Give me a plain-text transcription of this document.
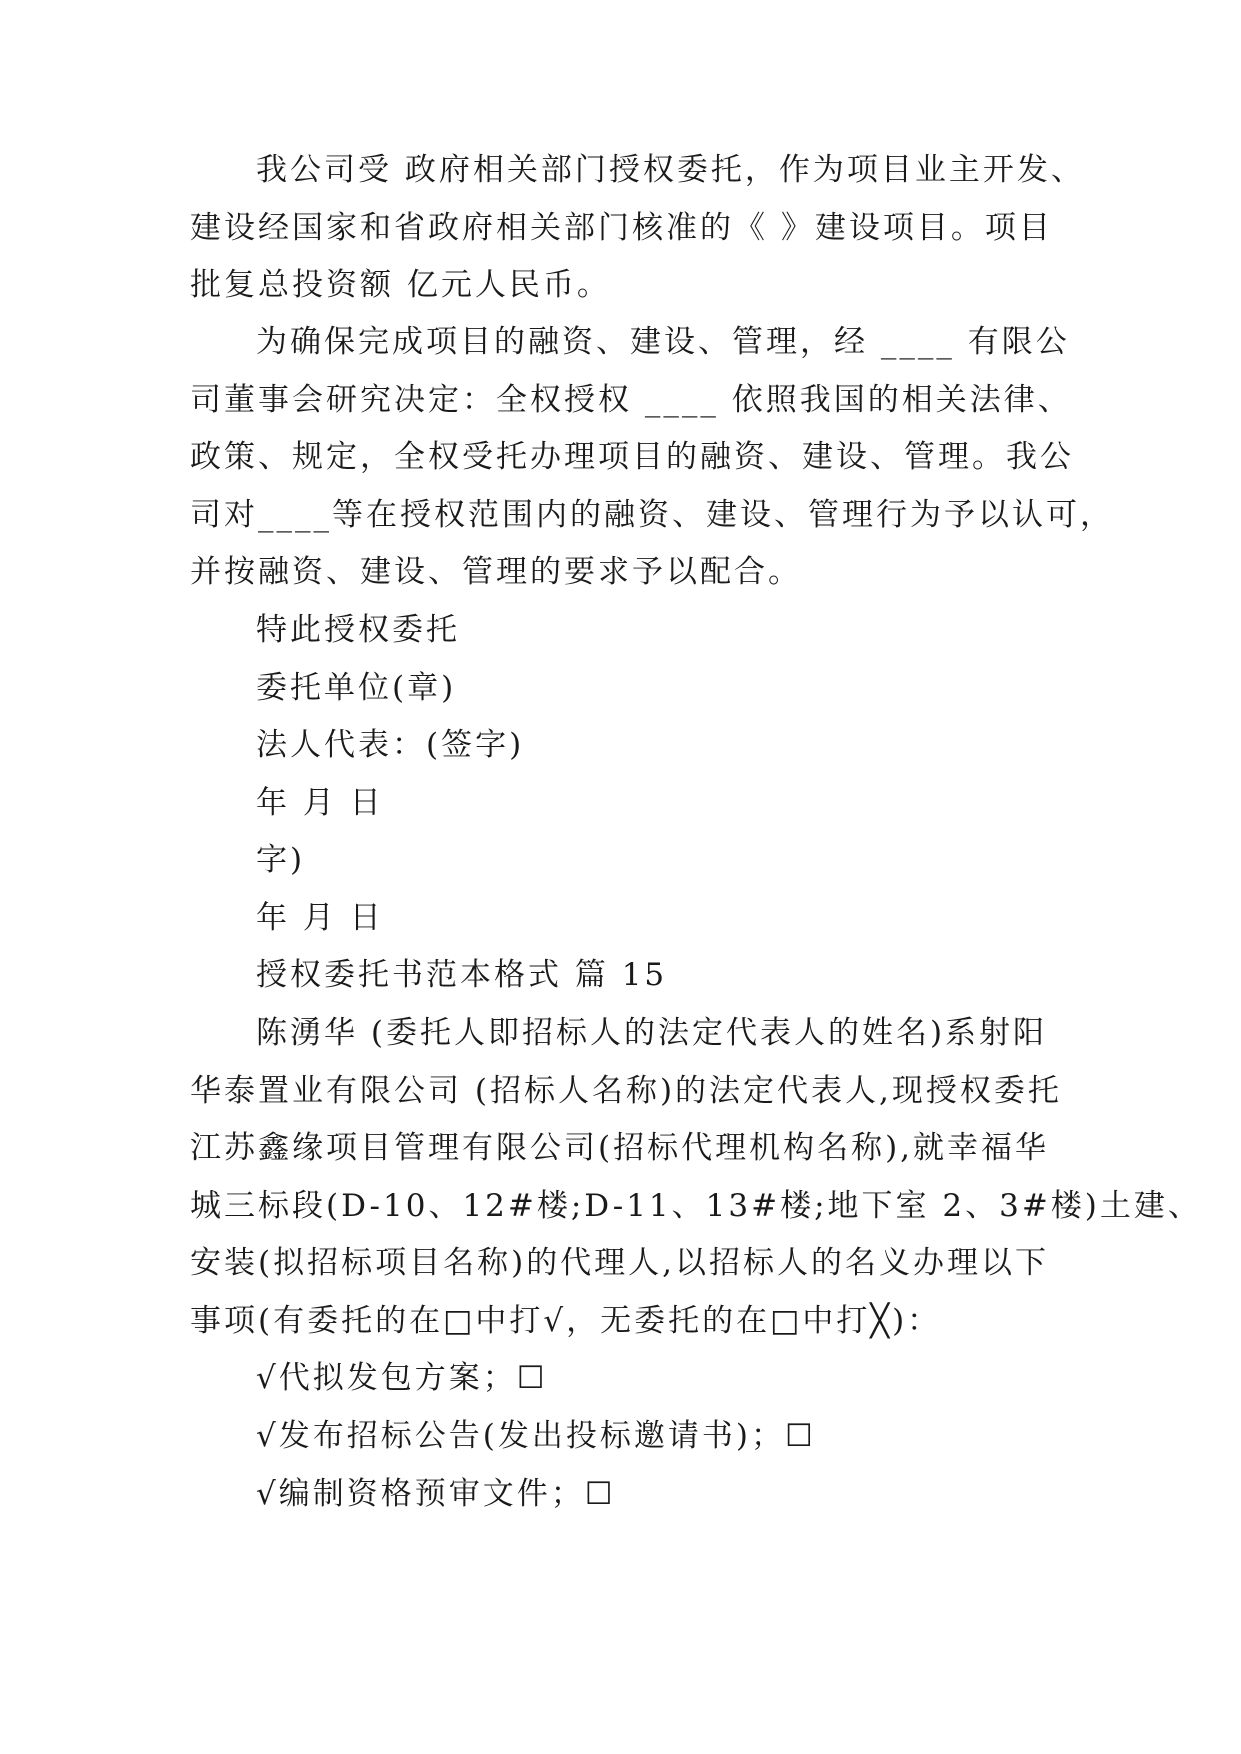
我公司受 政府相关部门授权委托，作为项目业主开发、
建设经国家和省政府相关部门核准的《 》建设项目。项目
批复总投资额 亿元人民币。
为确保完成项目的融资、建设、管理，经 ____ 有限公
司董事会研究决定：全权授权 ____ 依照我国的相关法律、
政策、规定，全权受托办理项目的融资、建设、管理。我公
司对____等在授权范围内的融资、建设、管理行为予以认可，
并按融资、建设、管理的要求予以配合。
特此授权委托
委托单位(章)
法人代表：(签字)
年 月 日
字)
年 月 日
授权委托书范本格式 篇 15
陈湧华 (委托人即招标人的法定代表人的姓名)系射阳
华泰置业有限公司 (招标人名称)的法定代表人,现授权委托
江苏鑫缘项目管理有限公司(招标代理机构名称),就幸福华
城三标段(D-10、12#楼;D-11、13#楼;地下室 2、3#楼)土建、
安装(拟招标项目名称)的代理人,以招标人的名义办理以下
事项(有委托的在□中打√，无委托的在□中打╳)：
√代拟发包方案；☐
√发布招标公告(发出投标邀请书)；☐
√编制资格预审文件；☐
